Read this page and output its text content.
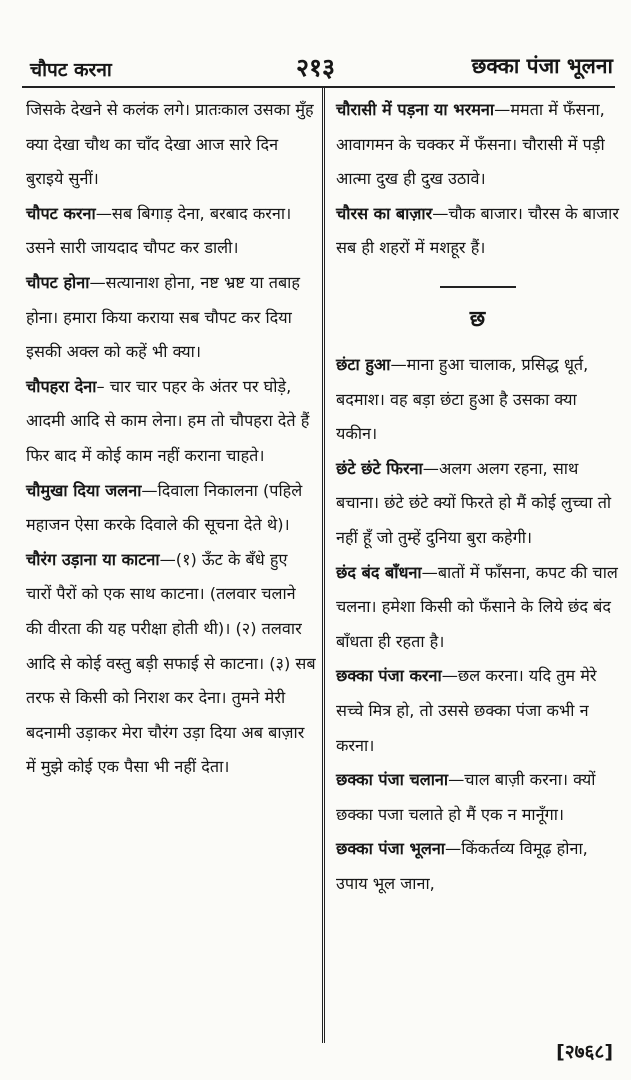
चौपट करना	२१३	छक्का पंजा भूलना

जिसके देखने से कलंक लगे। प्रातःकाल उसका मुँह क्या देखा चौथ का चाँद देखा आज सारे दिन बुराइये सुनीं।

चौपट करना—सब बिगाड़ देना, बरबाद करना। उसने सारी जायदाद चौपट कर डाली।

चौपट होना—सत्यानाश होना, नष्ट भ्रष्ट या तबाह होना। हमारा किया कराया सब चौपट कर दिया इसकी अक्ल को कहें भी क्या।

चौपहरा देना– चार चार पहर के अंतर पर घोड़े, आदमी आदि से काम लेना। हम तो चौपहरा देते हैं फिर बाद में कोई काम नहीं कराना चाहते।

चौमुखा दिया जलना—दिवाला निकालना (पहिले महाजन ऐसा करके दिवाले की सूचना देते थे)।

चौरंग उड़ाना या काटना—(१) ऊँट के बँधे हुए चारों पैरों को एक साथ काटना। (तलवार चलाने की वीरता की यह परीक्षा होती थी)। (२) तलवार आदि से कोई वस्तु बड़ी सफाई से काटना। (३) सब तरफ से किसी को निराश कर देना। तुमने मेरी बदनामी उड़ाकर मेरा चौरंग उड़ा दिया अब बाज़ार में मुझे कोई एक पैसा भी नहीं देता।

चौरासी में पड़ना या भरमना—ममता में फँसना, आवागमन के चक्कर में फँसना। चौरासी में पड़ी आत्मा दुख ही दुख उठावे।

चौरस का बाज़ार—चौक बाजार। चौरस के बाजार सब ही शहरों में मशहूर हैं।

छ

छंटा हुआ—माना हुआ चालाक, प्रसिद्ध धूर्त, बदमाश। वह बड़ा छंटा हुआ है उसका क्या यकीन।

छंटे छंटे फिरना—अलग अलग रहना, साथ बचाना। छंटे छंटे क्यों फिरते हो मैं कोई लुच्चा तो नहीं हूँ जो तुम्हें दुनिया बुरा कहेगी।

छंद बंद बाँधना—बातों में फाँसना, कपट की चाल चलना। हमेशा किसी को फँसाने के लिये छंद बंद बाँधता ही रहता है।

छक्का पंजा करना—छल करना। यदि तुम मेरे सच्चे मित्र हो, तो उससे छक्का पंजा कभी न करना।

छक्का पंजा चलाना—चाल बाज़ी करना। क्यों छक्का पजा चलाते हो मैं एक न मानूँगा।

छक्का पंजा भूलना—किंकर्तव्य विमूढ़ होना, उपाय भूल जाना,

[२७६८]
